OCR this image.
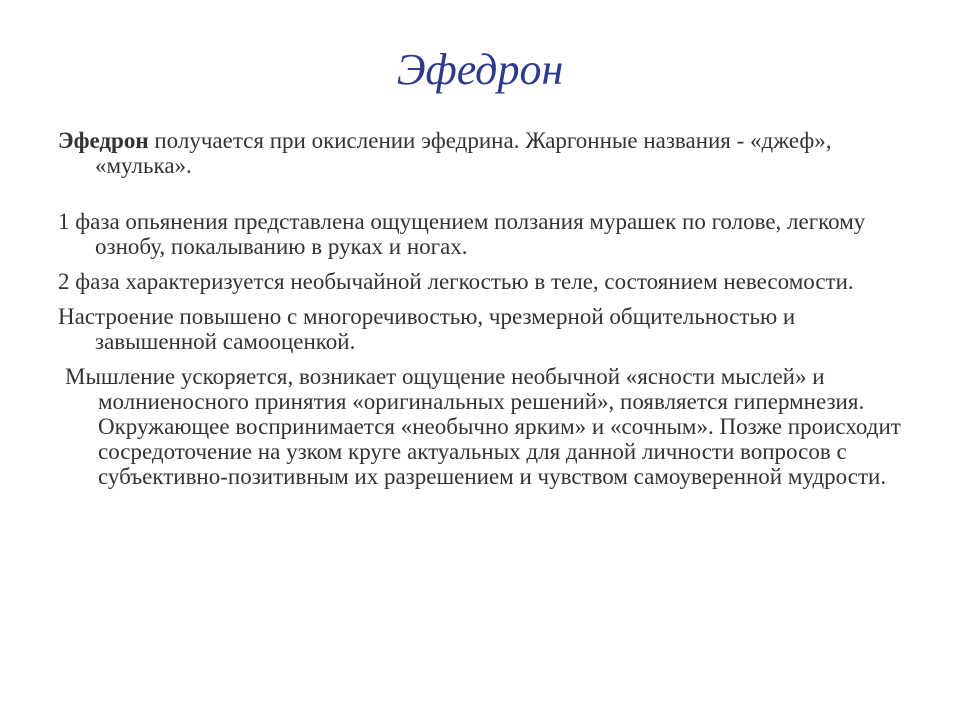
Эфедрон

Эфедрон получается при окислении эфедрина. Жаргонные названия - «джеф», «мулька».

1 фаза опьянения представлена ощущением ползания мурашек по голове, легкому ознобу, покалыванию в руках и ногах.

2 фаза характеризуется необычайной легкостью в теле, состоянием невесомости.

Настроение повышено с многоречивостью, чрезмерной общительностью и завышенной самооценкой.

Мышление ускоряется, возникает ощущение необычной «ясности мыслей» и молниеносного принятия «оригинальных решений», появляется гипермнезия. Окружающее воспринимается «необычно ярким» и «сочным». Позже происходит сосредоточение на узком круге актуальных для данной личности вопросов с субъективно-позитивным их разрешением и чувством самоуверенной мудрости.
